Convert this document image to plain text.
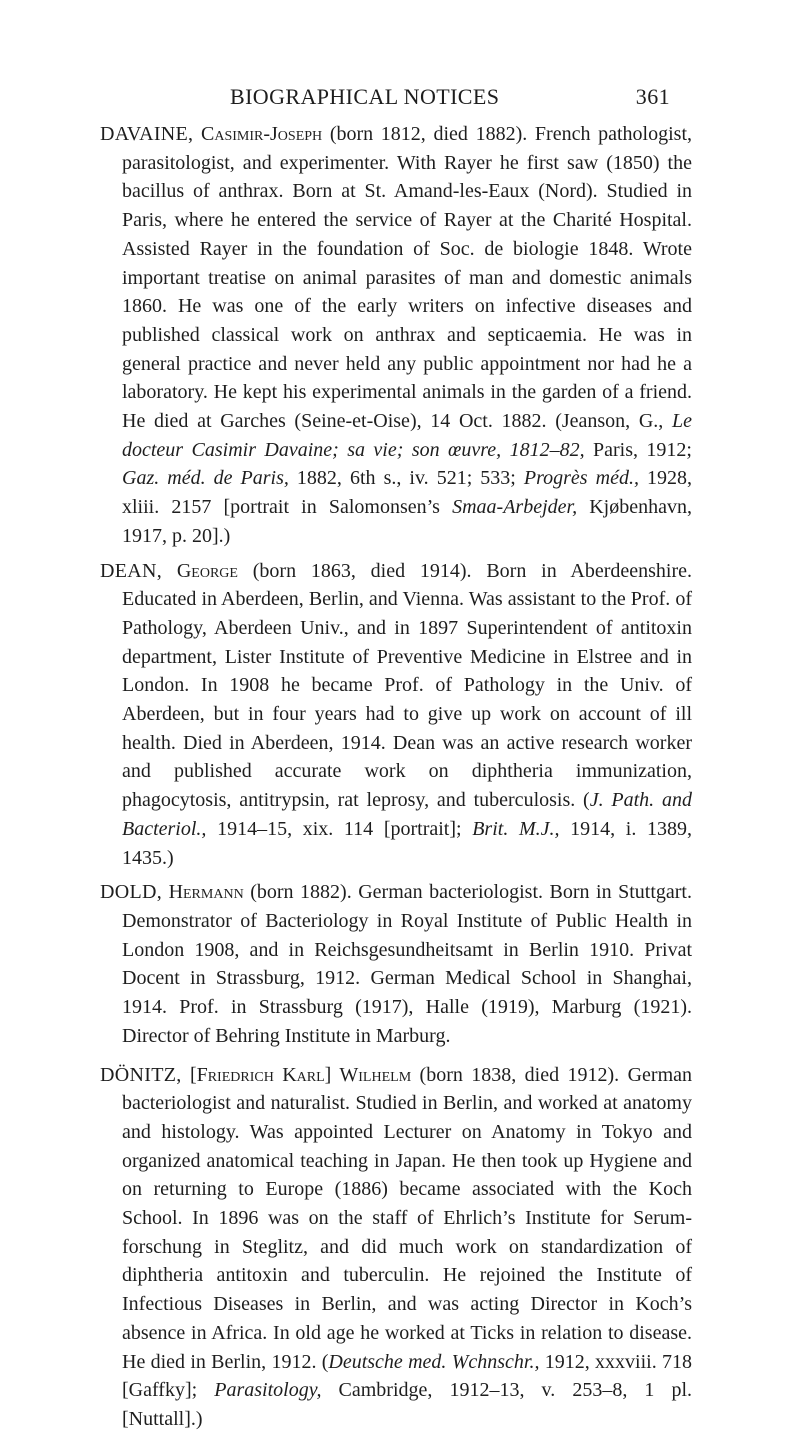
BIOGRAPHICAL NOTICES	361

DAVAINE, Casimir-Joseph (born 1812, died 1882). French pathologist, parasitologist, and experimenter. With Rayer he first saw (1850) the bacillus of anthrax. Born at St. Amand-les-Eaux (Nord). Studied in Paris, where he entered the service of Rayer at the Charité Hospital. Assisted Rayer in the foundation of Soc. de biologie 1848. Wrote important treatise on animal parasites of man and domestic animals 1860. He was one of the early writers on infective diseases and published classical work on anthrax and septicaemia. He was in general practice and never held any public appointment nor had he a laboratory. He kept his experimental animals in the garden of a friend. He died at Garches (Seine-et-Oise), 14 Oct. 1882. (Jeanson, G., Le docteur Casimir Davaine; sa vie; son œuvre, 1812–82, Paris, 1912; Gaz. méd. de Paris, 1882, 6th s., iv. 521; 533; Progrès méd., 1928, xliii. 2157 [portrait in Salomonsen’s Smaa-Arbejder, Kjøbenhavn, 1917, p. 20].)

DEAN, George (born 1863, died 1914). Born in Aberdeenshire. Educated in Aberdeen, Berlin, and Vienna. Was assistant to the Prof. of Pathology, Aberdeen Univ., and in 1897 Superintendent of antitoxin department, Lister Institute of Preventive Medicine in Elstree and in London. In 1908 he became Prof. of Pathology in the Univ. of Aberdeen, but in four years had to give up work on account of ill health. Died in Aberdeen, 1914. Dean was an active research worker and published accurate work on diphtheria immunization, phagocytosis, antitrypsin, rat leprosy, and tuberculosis. (J. Path. and Bacteriol., 1914–15, xix. 114 [portrait]; Brit. M.J., 1914, i. 1389, 1435.)

DOLD, Hermann (born 1882). German bacteriologist. Born in Stuttgart. Demonstrator of Bacteriology in Royal Institute of Public Health in London 1908, and in Reichsgesundheitsamt in Berlin 1910. Privat Docent in Strassburg, 1912. German Medical School in Shanghai, 1914. Prof. in Strassburg (1917), Halle (1919), Marburg (1921). Director of Behring Institute in Marburg.

DÖNITZ, [Friedrich Karl] Wilhelm (born 1838, died 1912). German bacteriologist and naturalist. Studied in Berlin, and worked at anatomy and histology. Was appointed Lecturer on Anatomy in Tokyo and organized anatomical teaching in Japan. He then took up Hygiene and on returning to Europe (1886) became associated with the Koch School. In 1896 was on the staff of Ehrlich’s Institute for Serum-forschung in Steglitz, and did much work on standardization of diphtheria antitoxin and tuberculin. He rejoined the Institute of Infectious Diseases in Berlin, and was acting Director in Koch’s absence in Africa. In old age he worked at Ticks in relation to disease. He died in Berlin, 1912. (Deutsche med. Wchnschr., 1912, xxxviii. 718 [Gaffky]; Parasitology, Cambridge, 1912–13, v. 253–8, 1 pl. [Nuttall].)
